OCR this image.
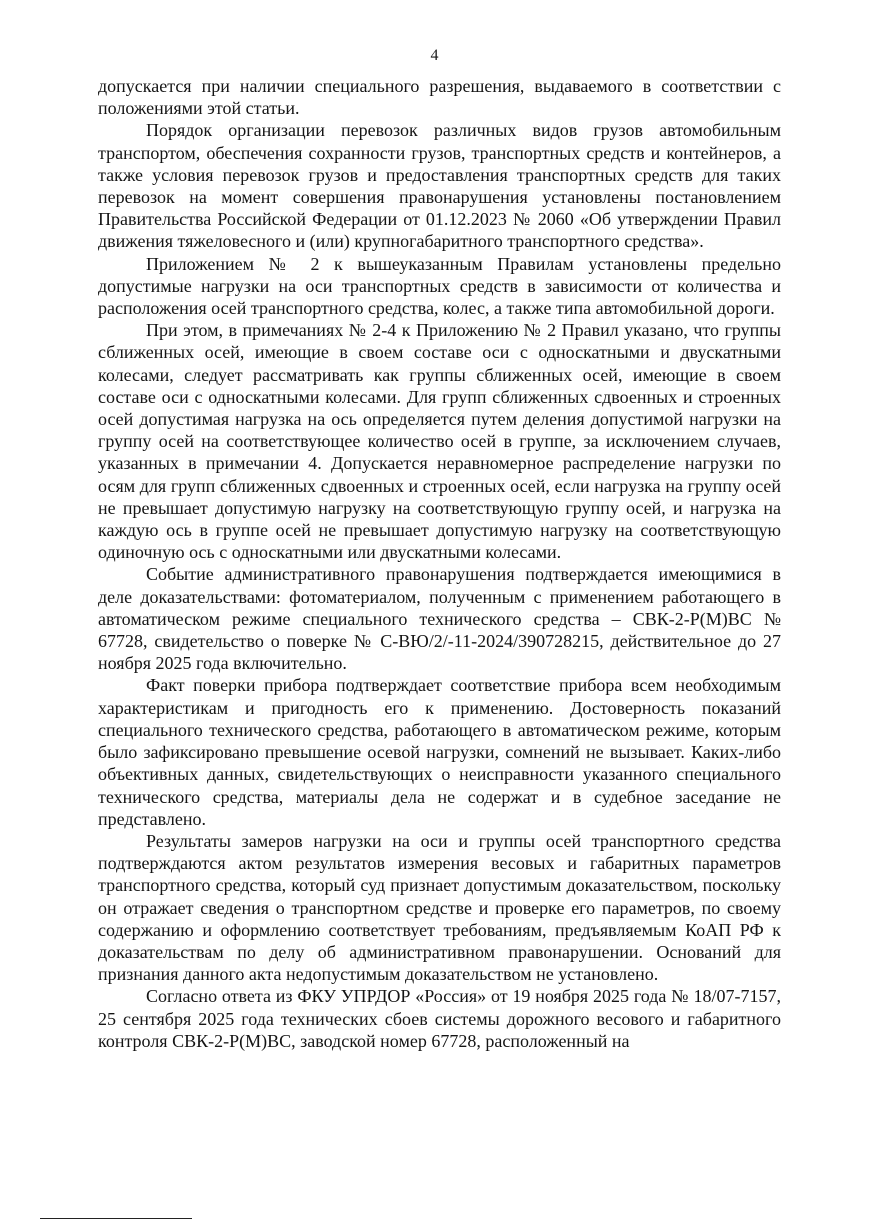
4

допускается при наличии специального разрешения, выдаваемого в соответствии с положениями этой статьи.

Порядок организации перевозок различных видов грузов автомобильным транспортом, обеспечения сохранности грузов, транспортных средств и контейнеров, а также условия перевозок грузов и предоставления транспортных средств для таких перевозок на момент совершения правонарушения установлены постановлением Правительства Российской Федерации от 01.12.2023 № 2060 «Об утверждении Правил движения тяжеловесного и (или) крупногабаритного транспортного средства».

Приложением № 2 к вышеуказанным Правилам установлены предельно допустимые нагрузки на оси транспортных средств в зависимости от количества и расположения осей транспортного средства, колес, а также типа автомобильной дороги.

При этом, в примечаниях № 2-4 к Приложению № 2 Правил указано, что группы сближенных осей, имеющие в своем составе оси с односкатными и двускатными колесами, следует рассматривать как группы сближенных осей, имеющие в своем составе оси с односкатными колесами. Для групп сближенных сдвоенных и строенных осей допустимая нагрузка на ось определяется путем деления допустимой нагрузки на группу осей на соответствующее количество осей в группе, за исключением случаев, указанных в примечании 4. Допускается неравномерное распределение нагрузки по осям для групп сближенных сдвоенных и строенных осей, если нагрузка на группу осей не превышает допустимую нагрузку на соответствующую группу осей, и нагрузка на каждую ось в группе осей не превышает допустимую нагрузку на соответствующую одиночную ось с односкатными или двускатными колесами.

Событие административного правонарушения подтверждается имеющимися в деле доказательствами: фотоматериалом, полученным с применением работающего в автоматическом режиме специального технического средства – СВК-2-Р(М)ВС № 67728, свидетельство о поверке № С-ВЮ/2/-11-2024/390728215, действительное до 27 ноября 2025 года включительно.

Факт поверки прибора подтверждает соответствие прибора всем необходимым характеристикам и пригодность его к применению. Достоверность показаний специального технического средства, работающего в автоматическом режиме, которым было зафиксировано превышение осевой нагрузки, сомнений не вызывает. Каких-либо объективных данных, свидетельствующих о неисправности указанного специального технического средства, материалы дела не содержат и в судебное заседание не представлено.

Результаты замеров нагрузки на оси и группы осей транспортного средства подтверждаются актом результатов измерения весовых и габаритных параметров транспортного средства, который суд признает допустимым доказательством, поскольку он отражает сведения о транспортном средстве и проверке его параметров, по своему содержанию и оформлению соответствует требованиям, предъявляемым КоАП РФ к доказательствам по делу об административном правонарушении. Оснований для признания данного акта недопустимым доказательством не установлено.

Согласно ответа из ФКУ УПРДОР «Россия» от 19 ноября 2025 года № 18/07-7157, 25 сентября 2025 года технических сбоев системы дорожного весового и габаритного контроля СВК-2-Р(М)ВС, заводской номер 67728, расположенный на
